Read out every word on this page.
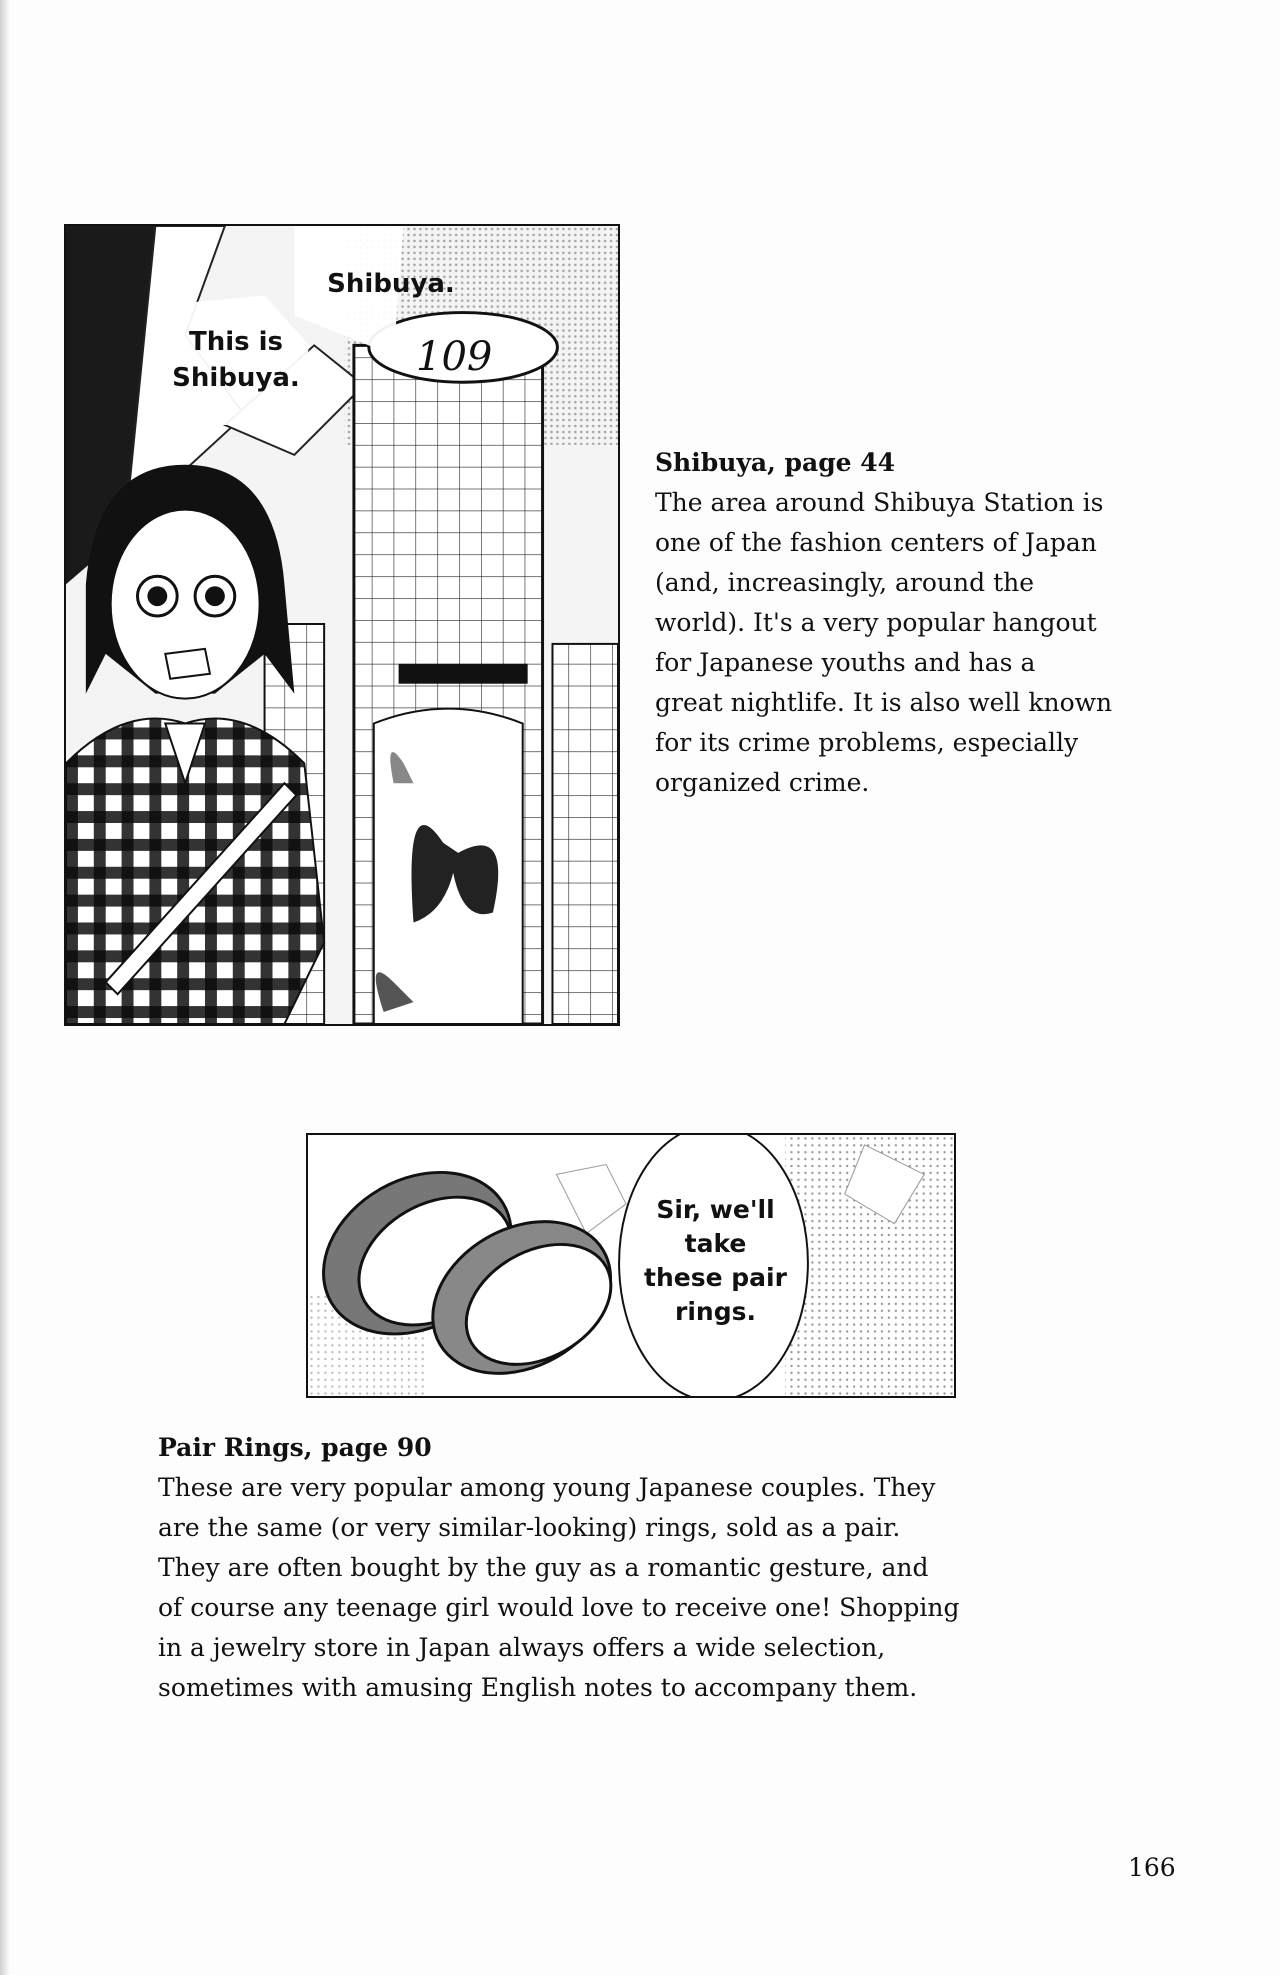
Shibuya.
This is
Shibuya.	109

Shibuya, page 44

The area around Shibuya Station is

one of the fashion centers of Japan

(and, increasingly, around the

world). It's a very popular hangout

for Japanese youths and has a

great nightlife. It is also well known

for its crime problems, especially

organized crime.

Sir, we'll
take
these pair
rings.

Pair Rings, page 90

These are very popular among young Japanese couples. They

are the same (or very similar-looking) rings, sold as a pair.

They are often bought by the guy as a romantic gesture, and

of course any teenage girl would love to receive one! Shopping

in a jewelry store in Japan always offers a wide selection,

sometimes with amusing English notes to accompany them.

166
